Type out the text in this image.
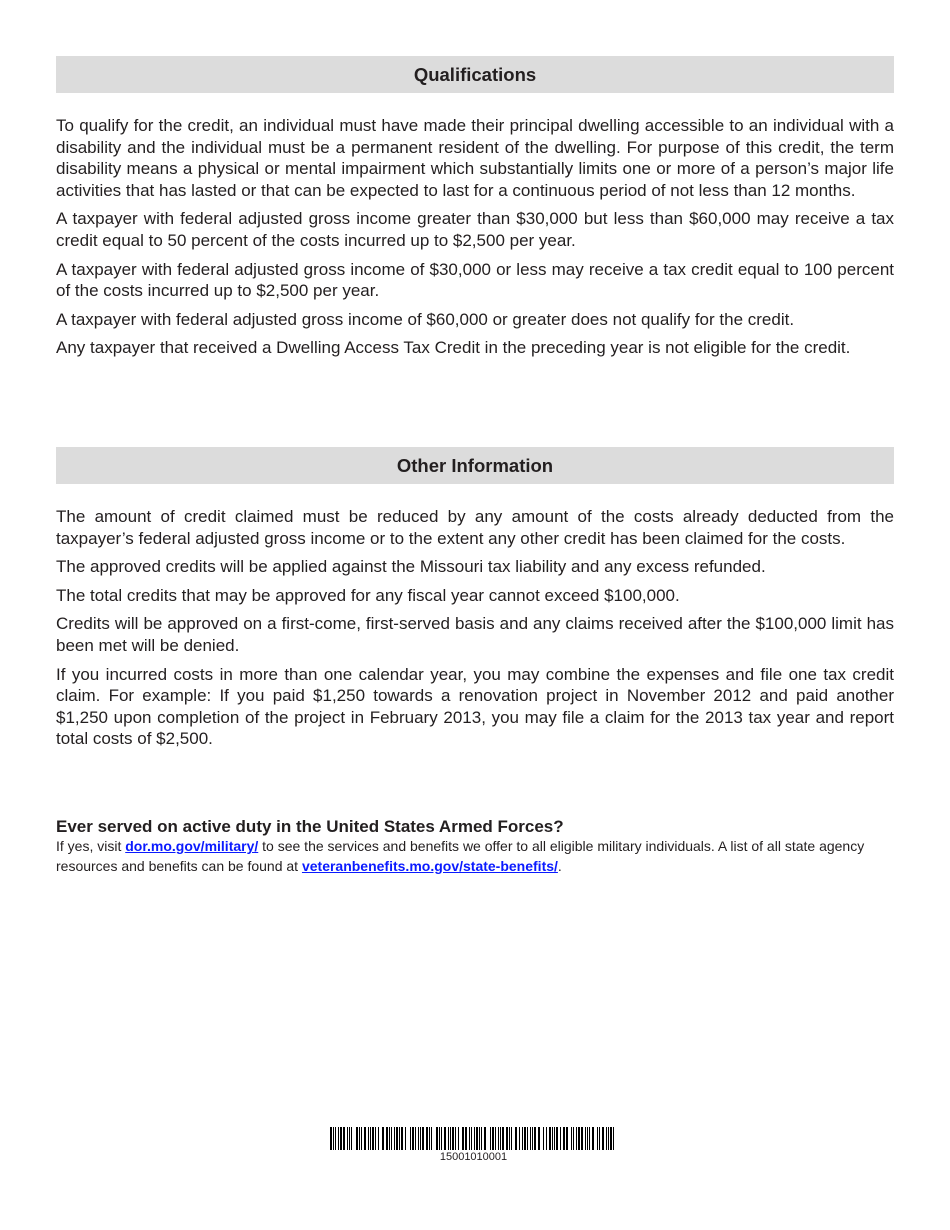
Qualifications

To qualify for the credit, an individual must have made their principal dwelling accessible to an individual with a disability and the individual must be a permanent resident of the dwelling. For purpose of this credit, the term disability means a physical or mental impairment which substantially limits one or more of a person’s major life activities that has lasted or that can be expected to last for a continuous period of not less than 12 months.

A taxpayer with federal adjusted gross income greater than $30,000 but less than $60,000 may receive a tax credit equal to 50 percent of the costs incurred up to $2,500 per year.

A taxpayer with federal adjusted gross income of $30,000 or less may receive a tax credit equal to 100 percent of the costs incurred up to $2,500 per year.

A taxpayer with federal adjusted gross income of $60,000 or greater does not qualify for the credit.

Any taxpayer that received a Dwelling Access Tax Credit in the preceding year is not eligible for the credit.

Other Information

The amount of credit claimed must be reduced by any amount of the costs already deducted from the taxpayer’s federal adjusted gross income or to the extent any other credit has been claimed for the costs.

The approved credits will be applied against the Missouri tax liability and any excess refunded.

The total credits that may be approved for any fiscal year cannot exceed $100,000.

Credits will be approved on a first-come, first-served basis and any claims received after the $100,000 limit has been met will be denied.

If you incurred costs in more than one calendar year, you may combine the expenses and file one tax credit claim. For example: If you paid $1,250 towards a renovation project in November 2012 and paid another $1,250 upon completion of the project in February 2013, you may file a claim for the 2013 tax year and report total costs of $2,500.

Ever served on active duty in the United States Armed Forces?

If yes, visit dor.mo.gov/military/ to see the services and benefits we offer to all eligible military individuals. A list of all state agency resources and benefits can be found at veteranbenefits.mo.gov/state-benefits/.

15001010001
